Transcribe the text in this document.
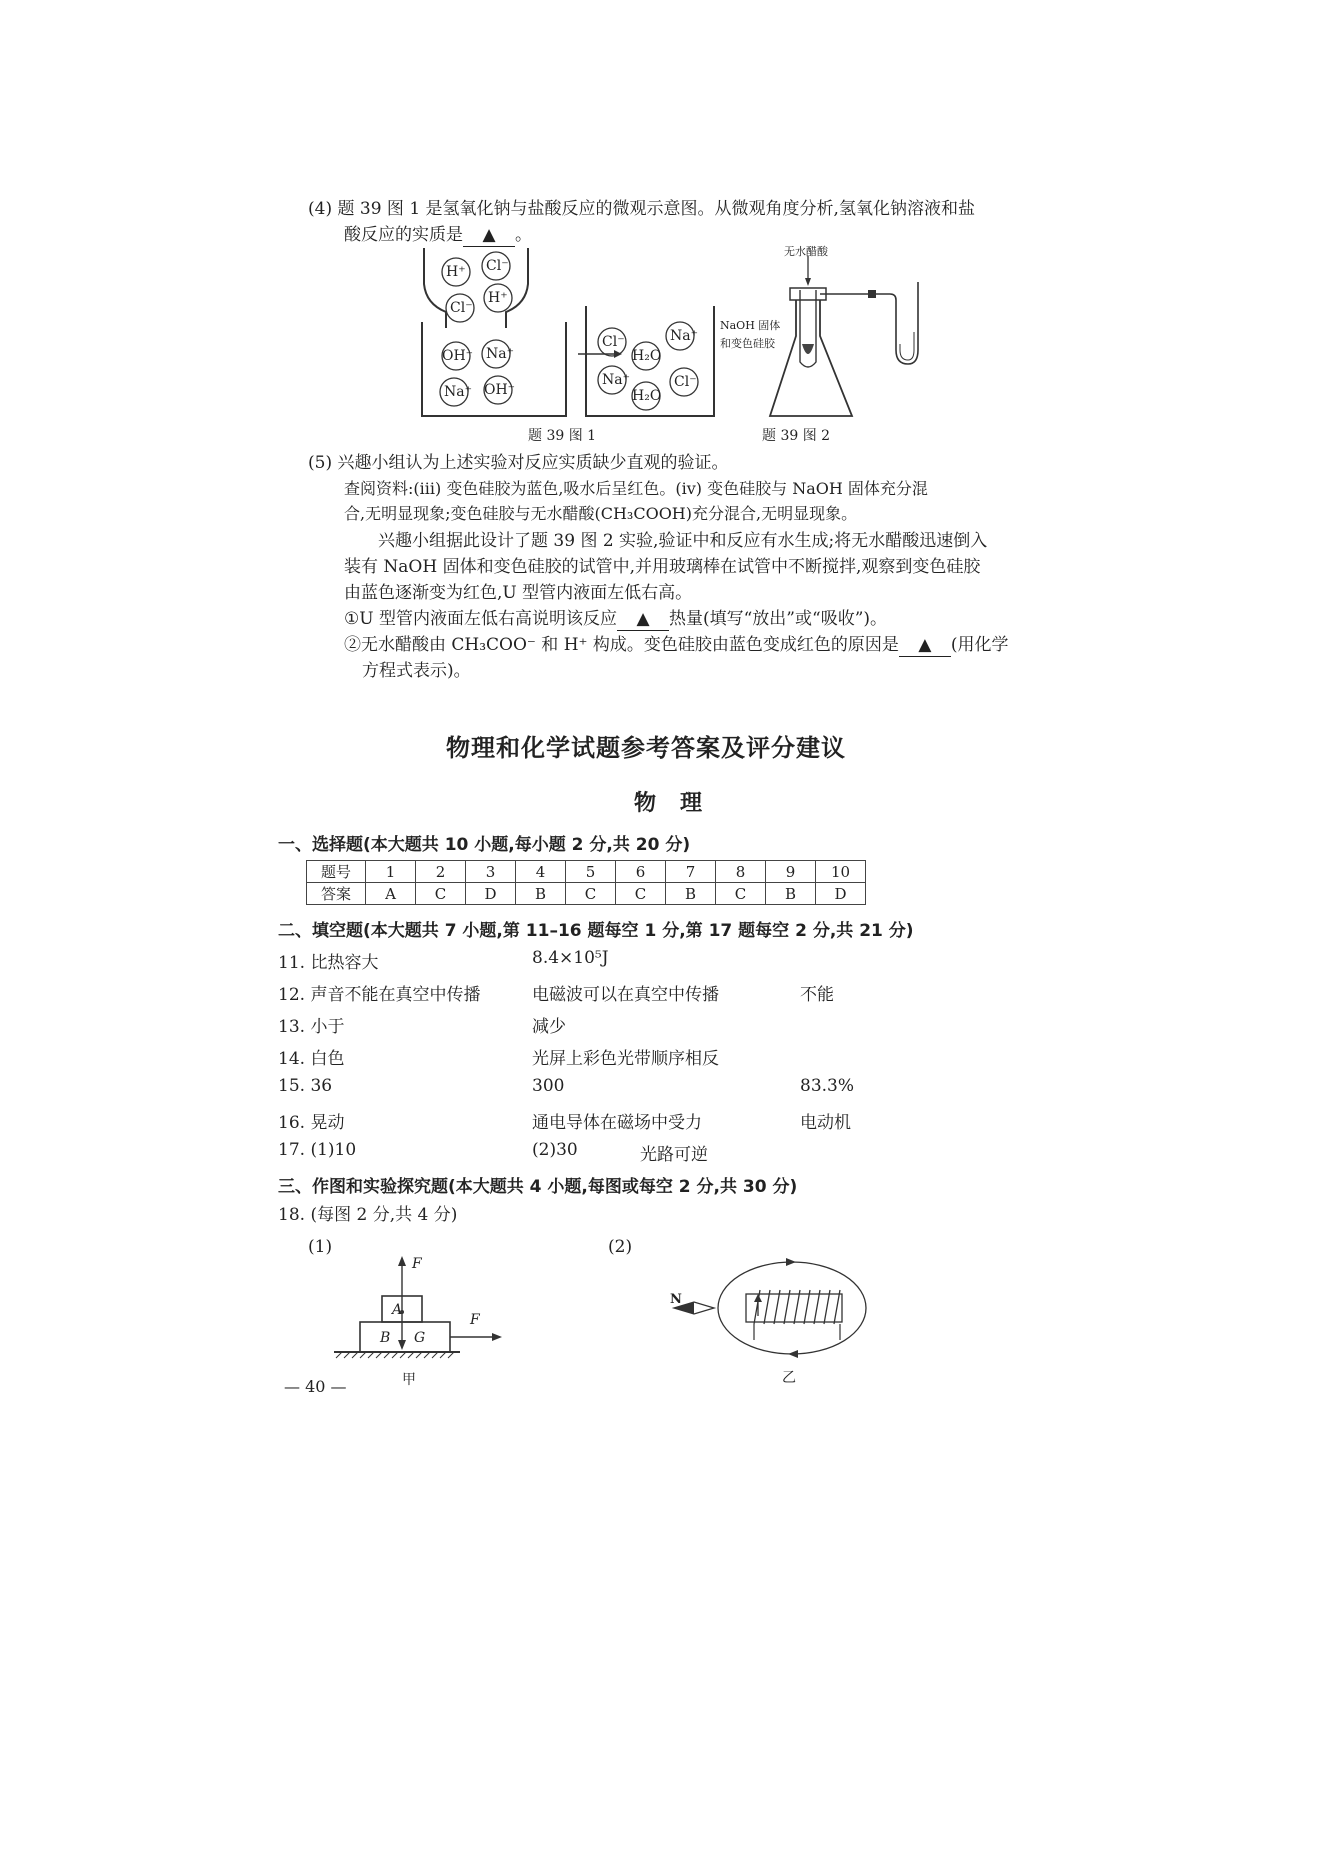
(4) 题 39 图 1 是氢氧化钠与盐酸反应的微观示意图。从微观角度分析,氢氧化钠溶液和盐
酸反应的实质是 ▲ 。
H⁺ Cl⁻
H⁺
Cl⁻
OH⁻ Na⁺
Na⁺ OH⁻
Cl⁻
H₂O
Na⁺
Na⁺
H₂O
Cl⁻
题 39 图 1
无水醋酸
NaOH 固体
和变色硅胶
题 39 图 2
(5) 兴趣小组认为上述实验对反应实质缺少直观的验证。
查阅资料:(ⅲ) 变色硅胶为蓝色,吸水后呈红色。(ⅳ) 变色硅胶与 NaOH 固体充分混
合,无明显现象;变色硅胶与无水醋酸(CH₃COOH)充分混合,无明显现象。
兴趣小组据此设计了题 39 图 2 实验,验证中和反应有水生成;将无水醋酸迅速倒入
装有 NaOH 固体和变色硅胶的试管中,并用玻璃棒在试管中不断搅拌,观察到变色硅胶
由蓝色逐渐变为红色,U 型管内液面左低右高。
①U 型管内液面左低右高说明该反应 ▲ 热量(填写“放出”或“吸收”)。
②无水醋酸由 CH₃COO⁻ 和 H⁺ 构成。变色硅胶由蓝色变成红色的原因是 ▲ (用化学
方程式表示)。
物理和化学试题参考答案及评分建议
物　理
一、选择题(本大题共 10 小题,每小题 2 分,共 20 分)
题号	1	2	3	4	5	6	7	8	9	10
答案	A	C	D	B	C	C	B	C	B	D
二、填空题(本大题共 7 小题,第 11–16 题每空 1 分,第 17 题每空 2 分,共 21 分)
11. 比热容大	8.4×10⁵J
12. 声音不能在真空中传播	电磁波可以在真空中传播	不能
13. 小于	减少
14. 白色	光屏上彩色光带顺序相反
15. 36	300	83.3%
16. 晃动	通电导体在磁场中受力	电动机
17. (1)10	(2)30	光路可逆
三、作图和实验探究题(本大题共 4 小题,每图或每空 2 分,共 30 分)
18. (每图 2 分,共 4 分)
(1)	(2)
F
A
B G
F
甲
N
乙
— 40 —
